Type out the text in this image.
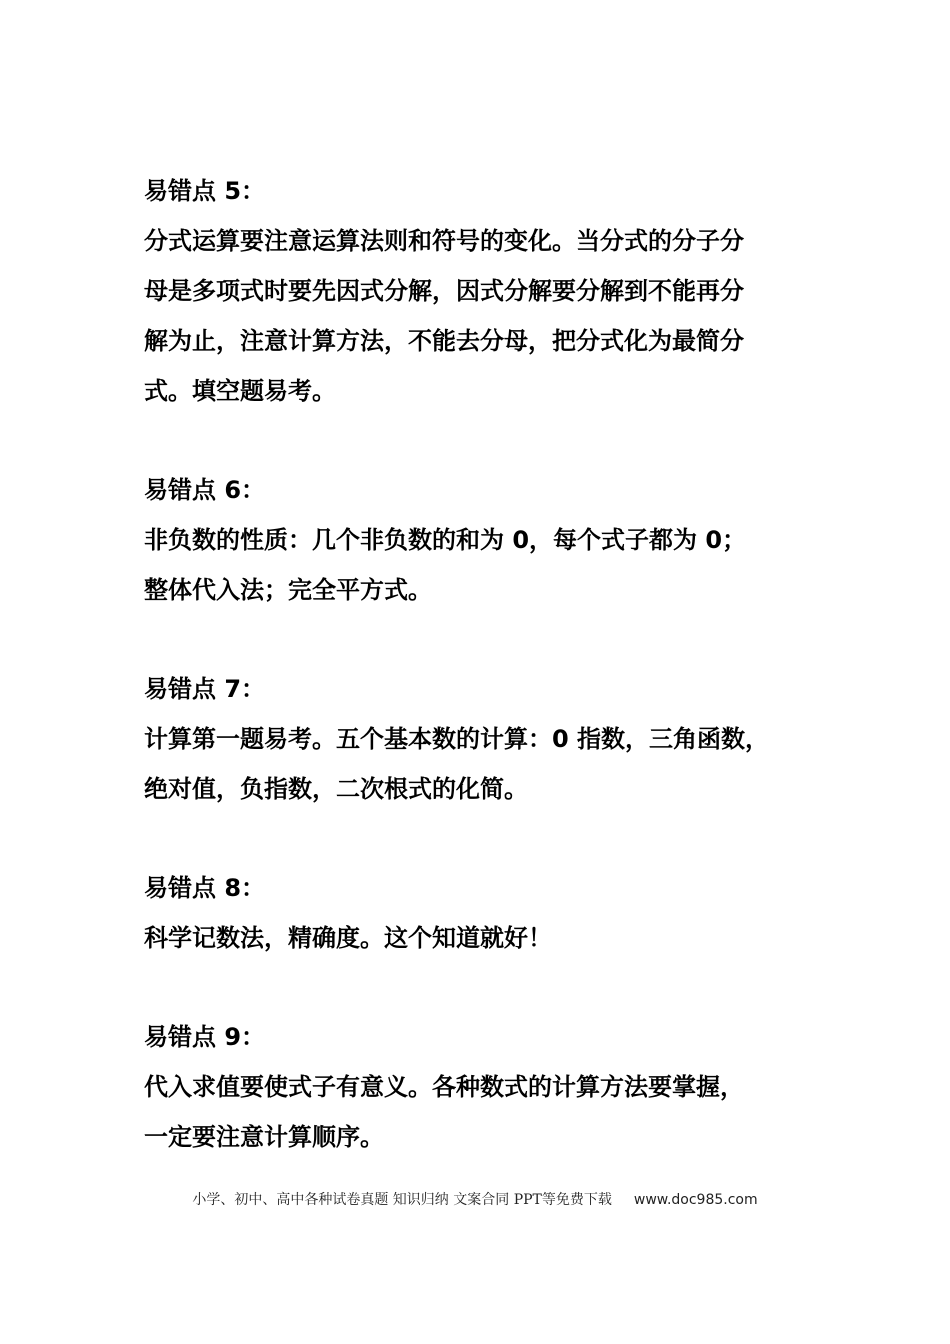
易错点 5：

分式运算要注意运算法则和符号的变化。当分式的分子分

母是多项式时要先因式分解，因式分解要分解到不能再分

解为止，注意计算方法，不能去分母，把分式化为最简分

式。填空题易考。

易错点 6：

非负数的性质：几个非负数的和为 0，每个式子都为 0；

整体代入法；完全平方式。

易错点 7：

计算第一题易考。五个基本数的计算：0 指数，三角函数，

绝对值，负指数，二次根式的化简。

易错点 8：

科学记数法，精确度。这个知道就好！

易错点 9：

代入求值要使式子有意义。各种数式的计算方法要掌握，

一定要注意计算顺序。

小学、初中、高中各种试卷真题 知识归纳 文案合同 PPT等免费下载 www.doc985.com
